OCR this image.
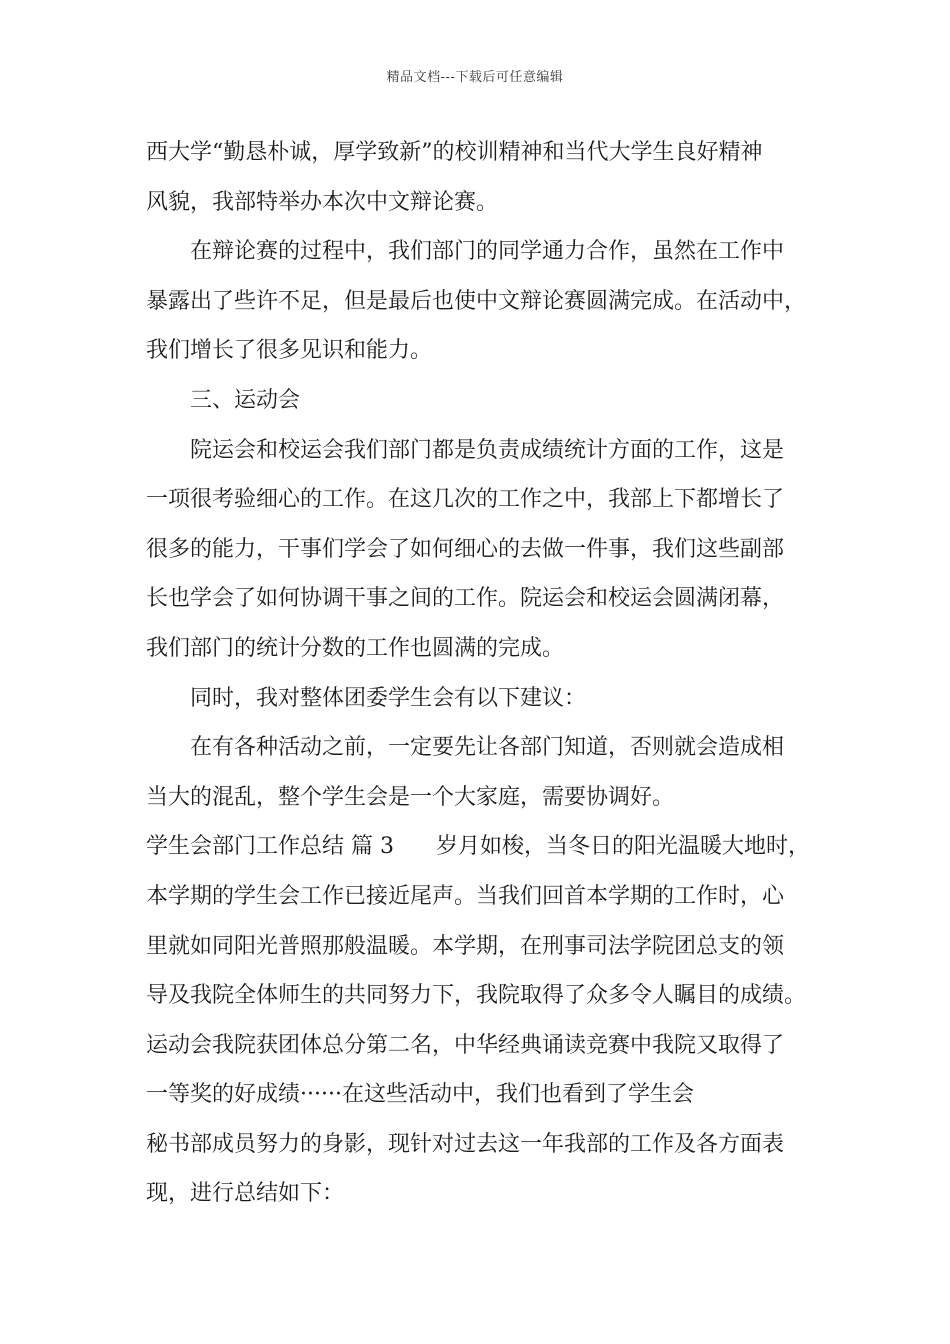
精品文档---下载后可任意编辑
西大学“勤恳朴诚，厚学致新”的校训精神和当代大学生良好精神
风貌，我部特举办本次中文辩论赛。
在辩论赛的过程中，我们部门的同学通力合作，虽然在工作中
暴露出了些许不足，但是最后也使中文辩论赛圆满完成。在活动中，
我们增长了很多见识和能力。
三、运动会
院运会和校运会我们部门都是负责成绩统计方面的工作，这是
一项很考验细心的工作。在这几次的工作之中，我部上下都增长了
很多的能力，干事们学会了如何细心的去做一件事，我们这些副部
长也学会了如何协调干事之间的工作。院运会和校运会圆满闭幕，
我们部门的统计分数的工作也圆满的完成。
同时，我对整体团委学生会有以下建议：
在有各种活动之前，一定要先让各部门知道，否则就会造成相
当大的混乱，整个学生会是一个大家庭，需要协调好。
学生会部门工作总结 篇 3 岁月如梭，当冬日的阳光温暖大地时，
本学期的学生会工作已接近尾声。当我们回首本学期的工作时，心
里就如同阳光普照那般温暖。本学期，在刑事司法学院团总支的领
导及我院全体师生的共同努力下，我院取得了众多令人瞩目的成绩。
运动会我院获团体总分第二名，中华经典诵读竞赛中我院又取得了
一等奖的好成绩······在这些活动中，我们也看到了学生会
秘书部成员努力的身影，现针对过去这一年我部的工作及各方面表
现，进行总结如下：
